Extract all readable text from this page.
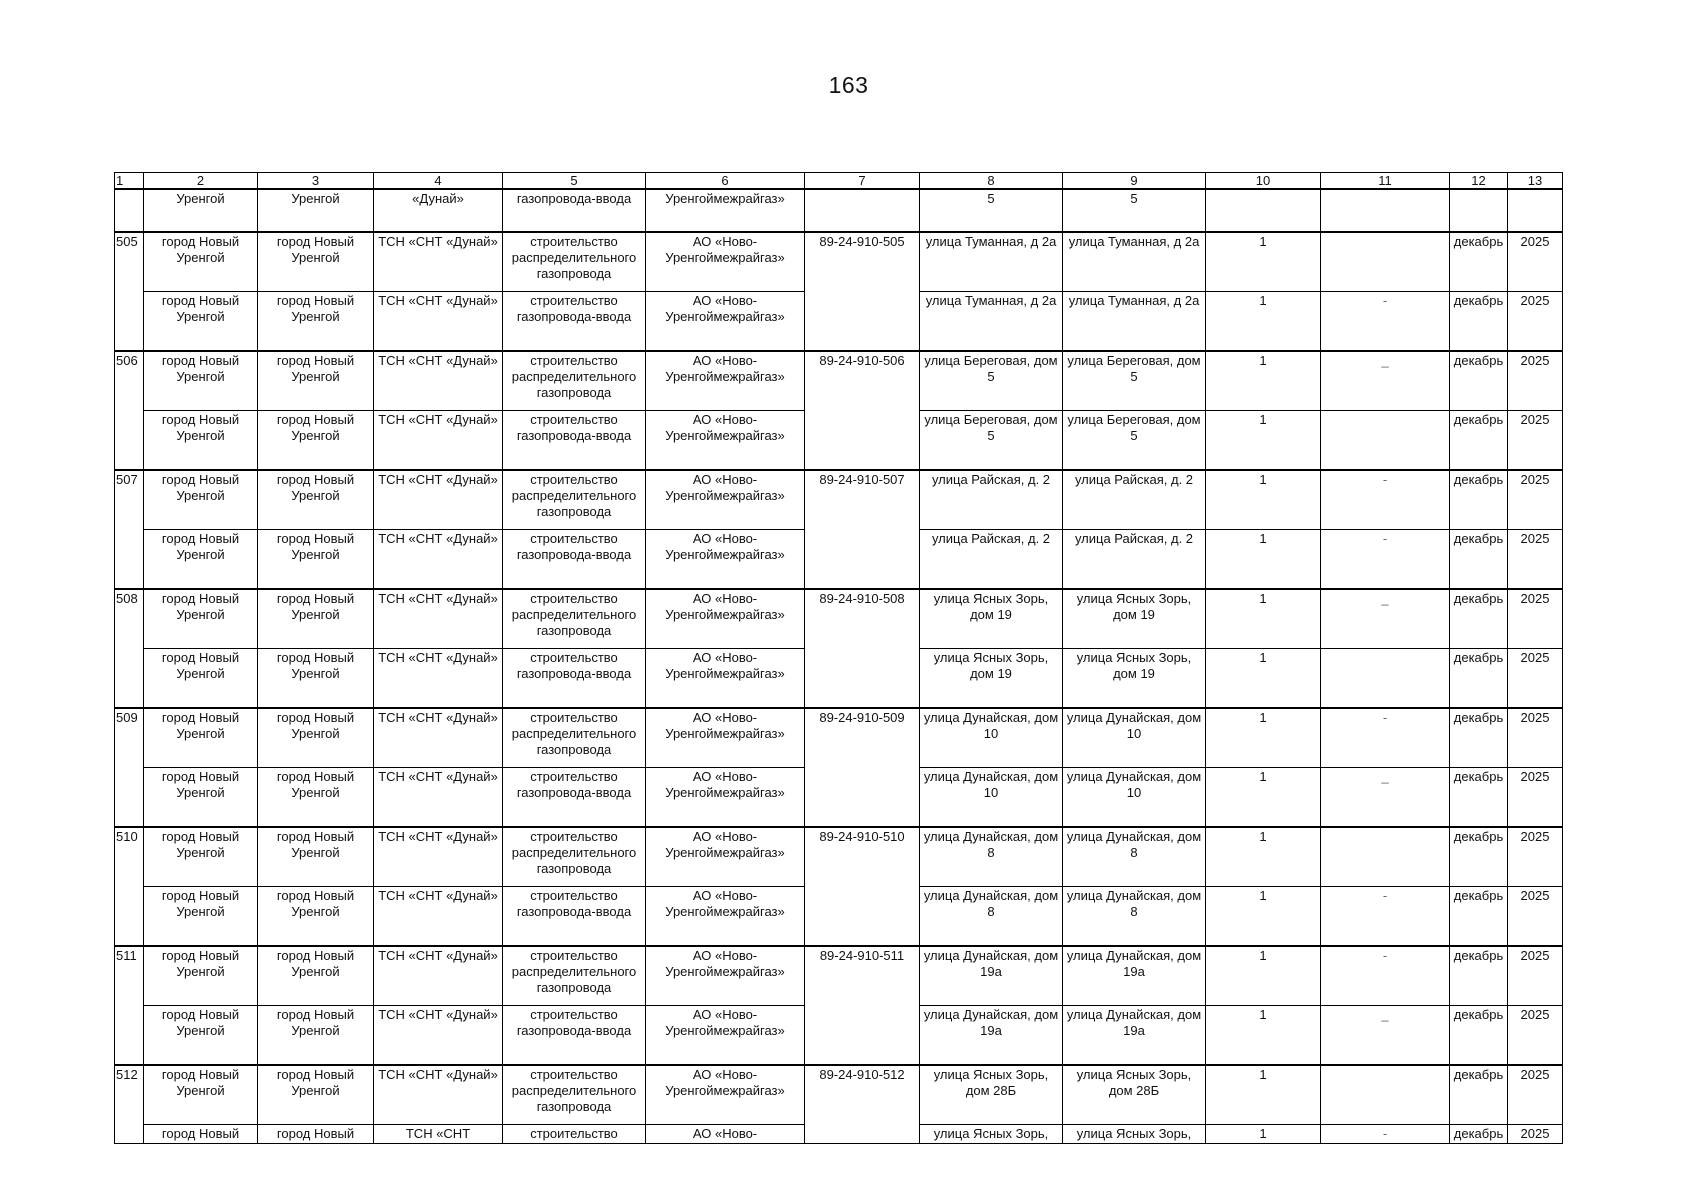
163
1	2	3	4	5	6	7	8	9	10	11	12	13
	Уренгой	Уренгой	«Дунай»	газопровода-ввода	Уренгоймежрайгаз»		5	5				
505	город Новый Уренгой	город Новый Уренгой	ТСН «СНТ «Дунай»	строительство распределительного газопровода	АО «Ново-Уренгоймежрайгаз»	89-24-910-505	улица Туманная, д 2а	улица Туманная, д 2а	1		декабрь	2025
	город Новый Уренгой	город Новый Уренгой	ТСН «СНТ «Дунай»	строительство газопровода-ввода	АО «Ново-Уренгоймежрайгаз»		улица Туманная, д 2а	улица Туманная, д 2а	1	-	декабрь	2025
506	город Новый Уренгой	город Новый Уренгой	ТСН «СНТ «Дунай»	строительство распределительного газопровода	АО «Ново-Уренгоймежрайгаз»	89-24-910-506	улица Береговая, дом 5	улица Береговая, дом 5	1	_	декабрь	2025
	город Новый Уренгой	город Новый Уренгой	ТСН «СНТ «Дунай»	строительство газопровода-ввода	АО «Ново-Уренгоймежрайгаз»		улица Береговая, дом 5	улица Береговая, дом 5	1		декабрь	2025
507	город Новый Уренгой	город Новый Уренгой	ТСН «СНТ «Дунай»	строительство распределительного газопровода	АО «Ново-Уренгоймежрайгаз»	89-24-910-507	улица Райская, д. 2	улица Райская, д. 2	1	-	декабрь	2025
	город Новый Уренгой	город Новый Уренгой	ТСН «СНТ «Дунай»	строительство газопровода-ввода	АО «Ново-Уренгоймежрайгаз»		улица Райская, д. 2	улица Райская, д. 2	1	-	декабрь	2025
508	город Новый Уренгой	город Новый Уренгой	ТСН «СНТ «Дунай»	строительство распределительного газопровода	АО «Ново-Уренгоймежрайгаз»	89-24-910-508	улица Ясных Зорь, дом 19	улица Ясных Зорь, дом 19	1	_	декабрь	2025
	город Новый Уренгой	город Новый Уренгой	ТСН «СНТ «Дунай»	строительство газопровода-ввода	АО «Ново-Уренгоймежрайгаз»		улица Ясных Зорь, дом 19	улица Ясных Зорь, дом 19	1		декабрь	2025
509	город Новый Уренгой	город Новый Уренгой	ТСН «СНТ «Дунай»	строительство распределительного газопровода	АО «Ново-Уренгоймежрайгаз»	89-24-910-509	улица Дунайская, дом 10	улица Дунайская, дом 10	1	-	декабрь	2025
	город Новый Уренгой	город Новый Уренгой	ТСН «СНТ «Дунай»	строительство газопровода-ввода	АО «Ново-Уренгоймежрайгаз»		улица Дунайская, дом 10	улица Дунайская, дом 10	1	_	декабрь	2025
510	город Новый Уренгой	город Новый Уренгой	ТСН «СНТ «Дунай»	строительство распределительного газопровода	АО «Ново-Уренгоймежрайгаз»	89-24-910-510	улица Дунайская, дом 8	улица Дунайская, дом 8	1		декабрь	2025
	город Новый Уренгой	город Новый Уренгой	ТСН «СНТ «Дунай»	строительство газопровода-ввода	АО «Ново-Уренгоймежрайгаз»		улица Дунайская, дом 8	улица Дунайская, дом 8	1	-	декабрь	2025
511	город Новый Уренгой	город Новый Уренгой	ТСН «СНТ «Дунай»	строительство распределительного газопровода	АО «Ново-Уренгоймежрайгаз»	89-24-910-511	улица Дунайская, дом 19а	улица Дунайская, дом 19а	1	-	декабрь	2025
	город Новый Уренгой	город Новый Уренгой	ТСН «СНТ «Дунай»	строительство газопровода-ввода	АО «Ново-Уренгоймежрайгаз»		улица Дунайская, дом 19а	улица Дунайская, дом 19а	1	_	декабрь	2025
512	город Новый Уренгой	город Новый Уренгой	ТСН «СНТ «Дунай»	строительство распределительного газопровода	АО «Ново-Уренгоймежрайгаз»	89-24-910-512	улица Ясных Зорь, дом 28Б	улица Ясных Зорь, дом 28Б	1		декабрь	2025
	город Новый	город Новый	ТСН «СНТ	строительство	АО «Ново-		улица Ясных Зорь,	улица Ясных Зорь,	1	-	декабрь	2025
